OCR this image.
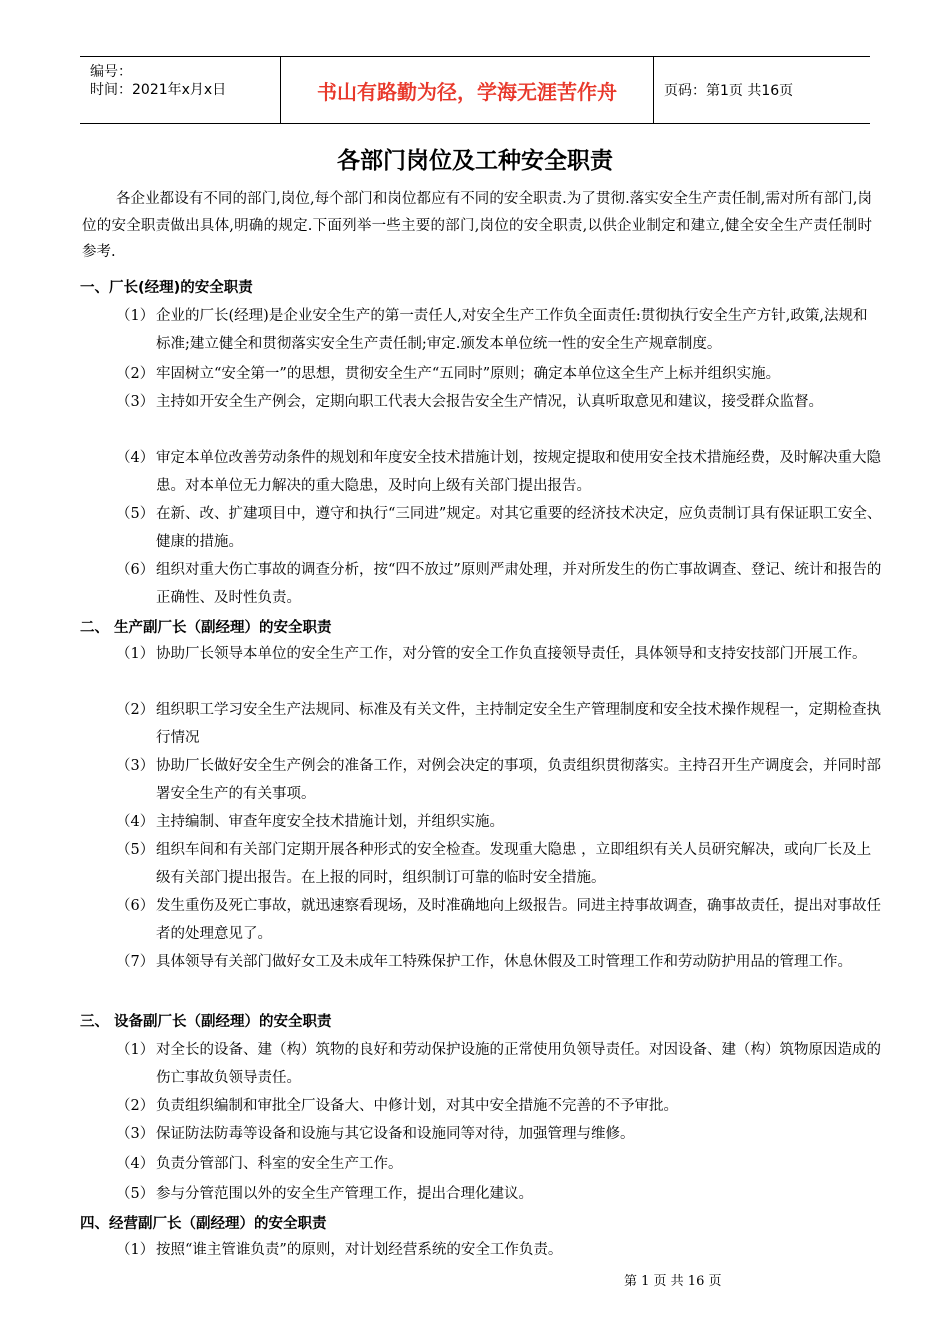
编号：
时间：2021年x月x日	书山有路勤为径，学海无涯苦作舟	页码：第1页 共16页
各部门岗位及工种安全职责
各企业都设有不同的部门,岗位,每个部门和岗位都应有不同的安全职责.为了贯彻.落实安全生产责任制,需对所有部门,岗位的安全职责做出具体,明确的规定.下面列举一些主要的部门,岗位的安全职责,以供企业制定和建立,健全安全生产责任制时参考.
一、厂长(经理)的安全职责
（1） 企业的厂长(经理)是企业安全生产的第一责任人,对安全生产工作负全面责任:贯彻执行安全生产方针,政策,法规和标准;建立健全和贯彻落实安全生产责任制;审定.颁发本单位统一性的安全生产规章制度。
（2） 牢固树立“安全第一”的思想，贯彻安全生产“五同时”原则；确定本单位这全生产上标并组织实施。
（3） 主持如开安全生产例会，定期向职工代表大会报告安全生产情况，认真听取意见和建议，接受群众监督。
（4） 审定本单位改善劳动条件的规划和年度安全技术措施计划，按规定提取和使用安全技术措施经费，及时解决重大隐患。对本单位无力解决的重大隐患，及时向上级有关部门提出报告。
（5） 在新、改、扩建项目中，遵守和执行“三同进”规定。对其它重要的经济技术决定，应负责制订具有保证职工安全、健康的措施。
（6） 组织对重大伤亡事故的调查分析，按“四不放过”原则严肃处理，并对所发生的伤亡事故调查、登记、统计和报告的正确性、及时性负责。
二、 生产副厂长（副经理）的安全职责
（1） 协助厂长领导本单位的安全生产工作，对分管的安全工作负直接领导责任，具体领导和支持安技部门开展工作。
（2） 组织职工学习安全生产法规同、标准及有关文件，主持制定安全生产管理制度和安全技术操作规程一，定期检查执行情况
（3） 协助厂长做好安全生产例会的准备工作，对例会决定的事项，负责组织贯彻落实。主持召开生产调度会，并同时部署安全生产的有关事项。
（4） 主持编制、审查年度安全技术措施计划，并组织实施。
（5） 组织车间和有关部门定期开展各种形式的安全检查。发现重大隐患 ，立即组织有关人员研究解决，或向厂长及上级有关部门提出报告。在上报的同时，组织制订可靠的临时安全措施。
（6） 发生重伤及死亡事故，就迅速察看现场，及时准确地向上级报告。同进主持事故调查，确事故责任，提出对事故任者的处理意见了。
（7） 具体领导有关部门做好女工及未成年工特殊保护工作，休息休假及工时管理工作和劳动防护用品的管理工作。
三、 设备副厂长（副经理）的安全职责
（1） 对全长的设备、建（构）筑物的良好和劳动保护设施的正常使用负领导责任。对因设备、建（构）筑物原因造成的伤亡事故负领导责任。
（2） 负责组织编制和审批全厂设备大、中修计划，对其中安全措施不完善的不予审批。
（3） 保证防法防毒等设备和设施与其它设备和设施同等对待，加强管理与维修。
（4） 负责分管部门、科室的安全生产工作。
（5） 参与分管范围以外的安全生产管理工作，提出合理化建议。
四、经营副厂长（副经理）的安全职责
（1） 按照“谁主管谁负责”的原则，对计划经营系统的安全工作负责。
第 1 页 共 16 页
